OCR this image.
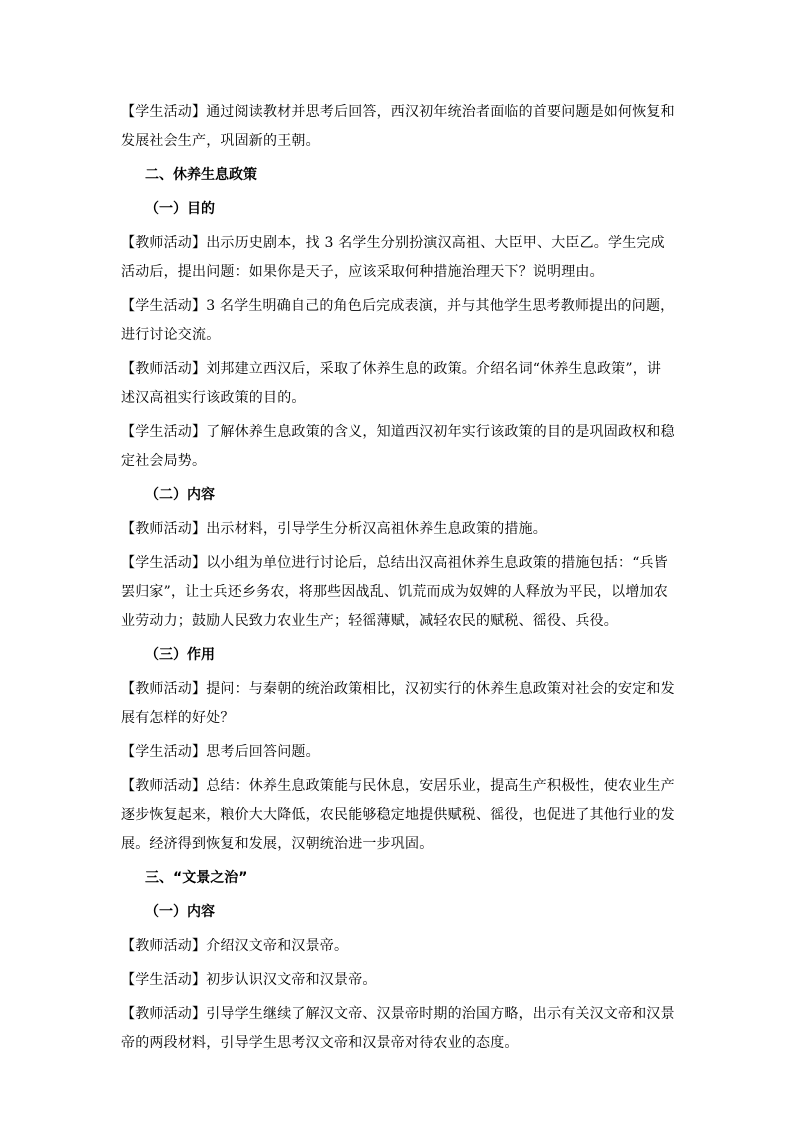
【学生活动】通过阅读教材并思考后回答，西汉初年统治者面临的首要问题是如何恢复和发展社会生产，巩固新的王朝。

二、休养生息政策

（一）目的

【教师活动】出示历史剧本，找 3 名学生分别扮演汉高祖、大臣甲、大臣乙。学生完成活动后，提出问题：如果你是天子，应该采取何种措施治理天下？说明理由。

【学生活动】3 名学生明确自己的角色后完成表演，并与其他学生思考教师提出的问题，进行讨论交流。

【教师活动】刘邦建立西汉后，采取了休养生息的政策。介绍名词“休养生息政策”，讲述汉高祖实行该政策的目的。

【学生活动】了解休养生息政策的含义，知道西汉初年实行该政策的目的是巩固政权和稳定社会局势。

（二）内容

【教师活动】出示材料，引导学生分析汉高祖休养生息政策的措施。

【学生活动】以小组为单位进行讨论后，总结出汉高祖休养生息政策的措施包括：“兵皆罢归家”，让士兵还乡务农，将那些因战乱、饥荒而成为奴婢的人释放为平民，以增加农业劳动力；鼓励人民致力农业生产；轻徭薄赋，减轻农民的赋税、徭役、兵役。

（三）作用

【教师活动】提问：与秦朝的统治政策相比，汉初实行的休养生息政策对社会的安定和发展有怎样的好处？

【学生活动】思考后回答问题。

【教师活动】总结：休养生息政策能与民休息，安居乐业，提高生产积极性，使农业生产逐步恢复起来，粮价大大降低，农民能够稳定地提供赋税、徭役，也促进了其他行业的发展。经济得到恢复和发展，汉朝统治进一步巩固。

三、“文景之治”

（一）内容

【教师活动】介绍汉文帝和汉景帝。

【学生活动】初步认识汉文帝和汉景帝。

【教师活动】引导学生继续了解汉文帝、汉景帝时期的治国方略，出示有关汉文帝和汉景帝的两段材料，引导学生思考汉文帝和汉景帝对待农业的态度。
